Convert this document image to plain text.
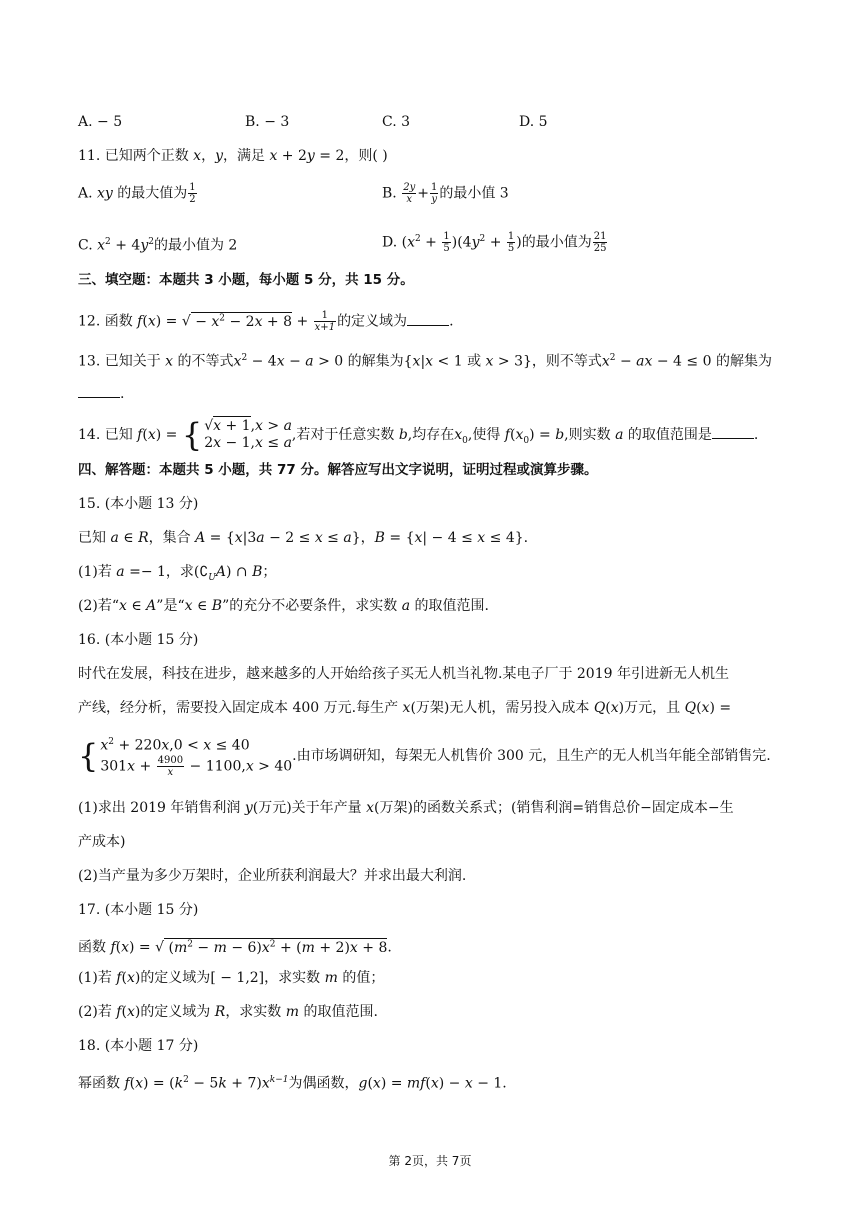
A. − 5	B. − 3	C. 3	D. 5
11. 已知两个正数 x，y，满足 x + 2y = 2，则( )
A. xy 的最大值为 $\frac{1}{2}$	B. $\frac{2y}{x} + \frac{1}{y}$ 的最小值 3
C. $x^2 + 4y^2$的最小值为 2	D. $(x^2 + \frac{1}{5} )(4y^2 + \frac{1}{5}$ )的最小值为 $\frac{21}{25}$
三、填空题：本题共 3 小题，每小题 5 分，共 15 分。
12. 函数 f(x) = √ − $x^2 - 2x + 8 + \frac{1}{x+1}$ 的定义域为	.
13. 已知关于 x 的不等式$x^2 - 4x - a > 0$ 的解集为{x|x < 1 或 x > 3}，则不等式$x^2$ − ax − 4 ≤ 0 的解集为
.
14. 已知 f(x) = { √x + 1,x > a
2x − 1,x ≤ a ,若对于任意实数 b,均存在$x_0$,使得 $f(x_0) = b$,则实数 a 的取值范围是	.
四、解答题：本题共 5 小题，共 77 分。解答应写出文字说明，证明过程或演算步骤。
15. (本小题 13 分)
已知 a ∈ R，集合 A = {x|3a − 2 ≤ x ≤ a}，B = {x| − 4 ≤ x ≤ 4}.
(1)若 a =− 1，求$(∁_UA)$ ∩ B；
(2)若“x ∈ A”是“x ∈ B”的充分不必要条件，求实数 a 的取值范围.
16. (本小题 15 分)
时代在发展，科技在进步，越来越多的人开始给孩子买无人机当礼物.某电子厂于 2019 年引进新无人机生
产线，经分析，需要投入固定成本 400 万元.每生产 x(万架)无人机，需另投入成本 Q(x)万元，且 Q(x) =
{ $x^2 + 220x,0 < x \le 40$
$301x + \frac{4900}{x} - 1100,x > 40$
.由市场调研知，每架无人机售价 300 元，且生产的无人机当年能全部销售完.
(1)求出 2019 年销售利润 y(万元)关于年产量 x(万架)的函数关系式；(销售利润=销售总价−固定成本−生
产成本)
(2)当产量为多少万架时，企业所获利润最大？并求出最大利润.
17. (本小题 15 分)
函数 f(x) = √ $(m^2 - m - 6)x^2 + (m + 2)x + 8$.
(1)若 f(x)的定义域为[ − 1,2]，求实数 m 的值；
(2)若 f(x)的定义域为 R，求实数 m 的取值范围.
18. (本小题 17 分)
幂函数 $f(x) = (k^2 - 5k + 7)x^{k-1}$为偶函数，g(x) = mf(x) − x − 1.
第 2页，共 7页
